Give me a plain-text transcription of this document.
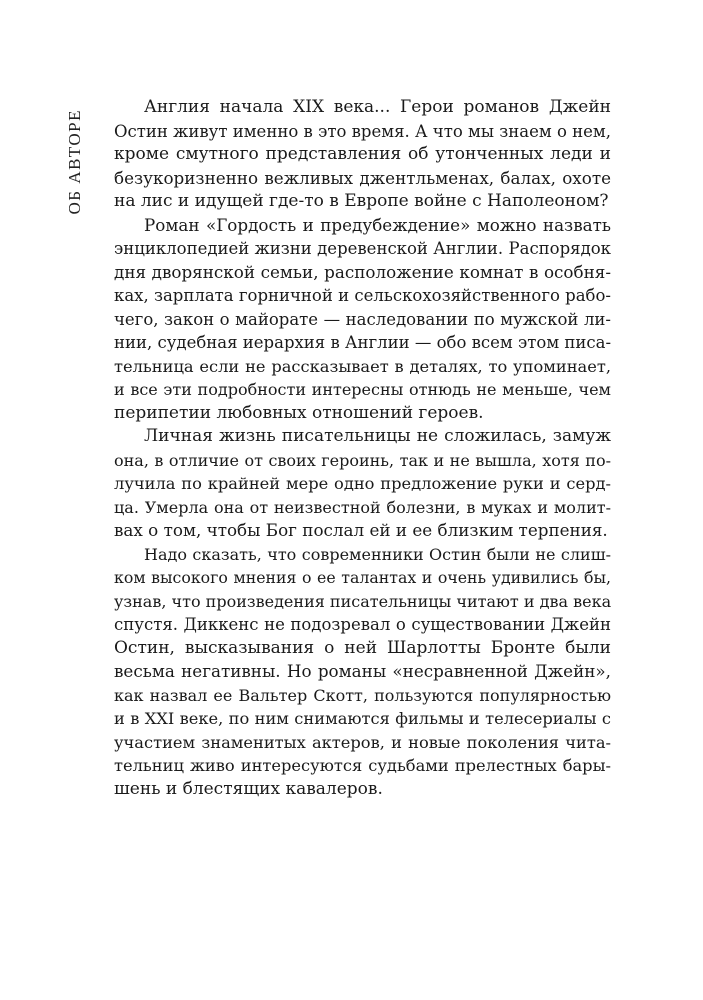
ОБ АВТОРЕ
Англия начала XIX века... Герои романов Джейн
Остин живут именно в это время. А что мы знаем о нем,
кроме смутного представления об утонченных леди и
безукоризненно вежливых джентльменах, балах, охоте
на лис и идущей где-то в Европе войне с Наполеоном?
Роман «Гордость и предубеждение» можно назвать
энциклопедией жизни деревенской Англии. Распорядок
дня дворянской семьи, расположение комнат в особня-
ках, зарплата горничной и сельскохозяйственного рабо-
чего, закон о майорате — наследовании по мужской ли-
нии, судебная иерархия в Англии — обо всем этом писа-
тельница если не рассказывает в деталях, то упоминает,
и все эти подробности интересны отнюдь не меньше, чем
перипетии любовных отношений героев.
Личная жизнь писательницы не сложилась, замуж
она, в отличие от своих героинь, так и не вышла, хотя по-
лучила по крайней мере одно предложение руки и серд-
ца. Умерла она от неизвестной болезни, в муках и молит-
вах о том, чтобы Бог послал ей и ее близким терпения.
Надо сказать, что современники Остин были не слиш-
ком высокого мнения о ее талантах и очень удивились бы,
узнав, что произведения писательницы читают и два века
спустя. Диккенс не подозревал о существовании Джейн
Остин, высказывания о ней Шарлотты Бронте были
весьма негативны. Но романы «несравненной Джейн»,
как назвал ее Вальтер Скотт, пользуются популярностью
и в XXI веке, по ним снимаются фильмы и телесериалы с
участием знаменитых актеров, и новые поколения чита-
тельниц живо интересуются судьбами прелестных бары-
шень и блестящих кавалеров.
